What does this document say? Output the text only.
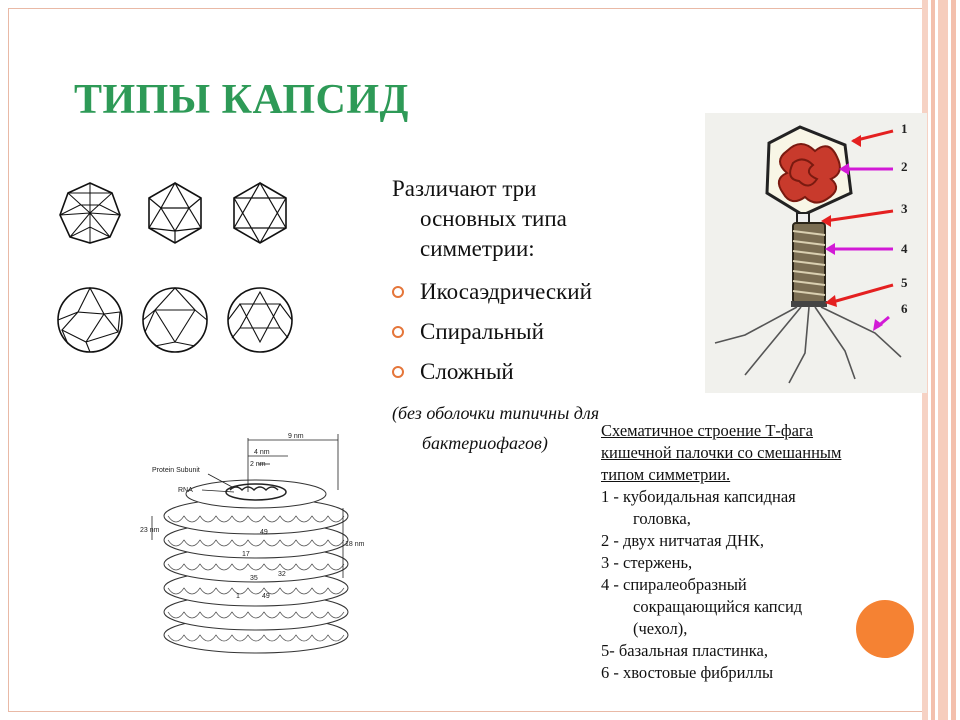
ТИПЫ КАПСИД

Различают три
основных типа
симметрии:

Икосаэдрический
Спиральный
Сложный
(без оболочки типичны для
бактериофагов)
1
2
3
4
5
6
9 nm
4 nm
2 nm
Protein Subunit
RNA
23 nm
18 nm
49
17
35
32
1	49
Схематичное строение Т-фага
кишечной палочки со смешанным
типом симметрии.
1 - кубоидальная капсидная
головка,
2 - двух нитчатая ДНК,
3 - стержень,
4 - спиралеобразный
сокращающийся капсид
(чехол),
5- базальная пластинка,
6 - хвостовые фибриллы
